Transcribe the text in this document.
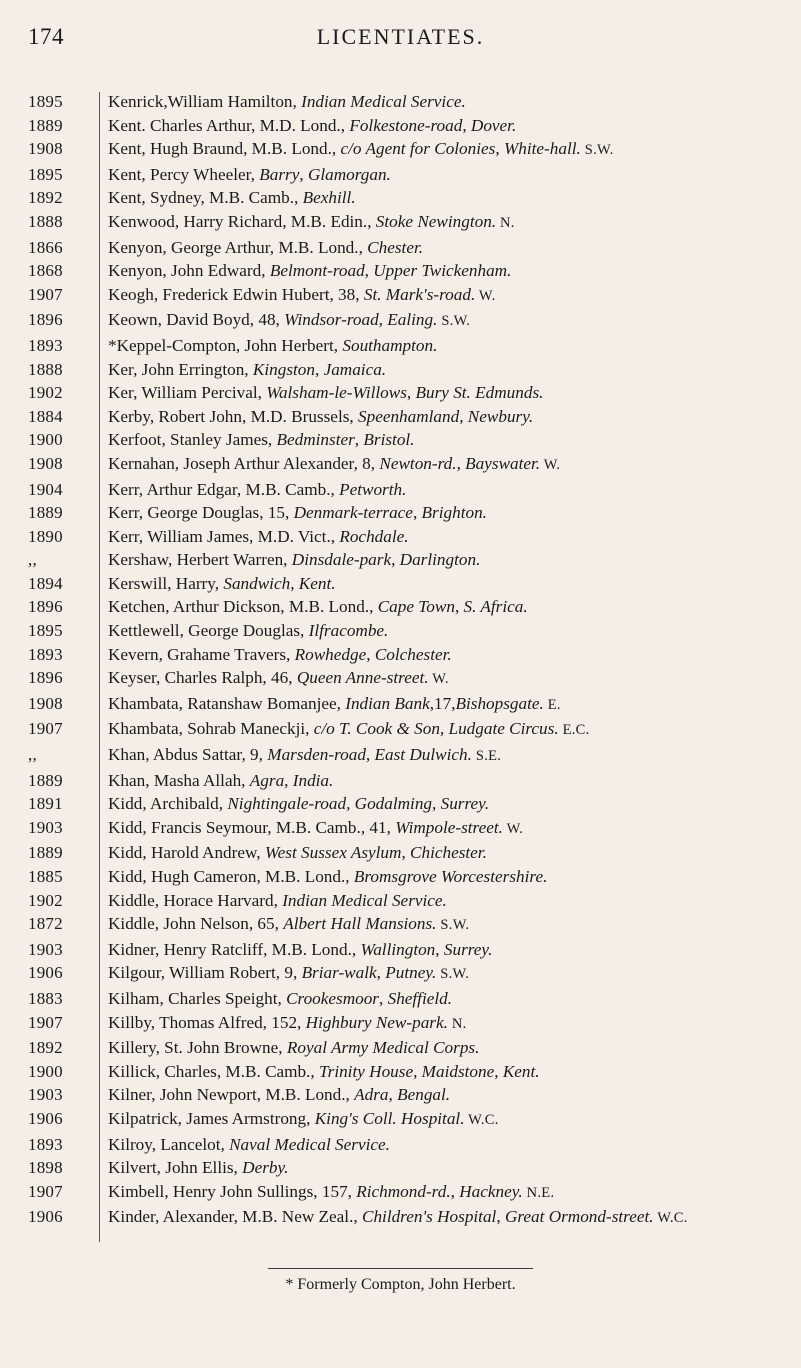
174	LICENTIATES.
1895	Kenrick,William Hamilton, Indian Medical Service.
1889	Kent. Charles Arthur, M.D. Lond., Folkestone-road, Dover.
1908	Kent, Hugh Braund, M.B. Lond., c/o Agent for Colonies, White-hall. S.W.
1895	Kent, Percy Wheeler, Barry, Glamorgan.
1892	Kent, Sydney, M.B. Camb., Bexhill.
1888	Kenwood, Harry Richard, M.B. Edin., Stoke Newington. N.
1866	Kenyon, George Arthur, M.B. Lond., Chester.
1868	Kenyon, John Edward, Belmont-road, Upper Twickenham.
1907	Keogh, Frederick Edwin Hubert, 38, St. Mark's-road. W.
1896	Keown, David Boyd, 48, Windsor-road, Ealing. S.W.
1893	*Keppel-Compton, John Herbert, Southampton.
1888	Ker, John Errington, Kingston, Jamaica.
1902	Ker, William Percival, Walsham-le-Willows, Bury St. Edmunds.
1884	Kerby, Robert John, M.D. Brussels, Speenhamland, Newbury.
1900	Kerfoot, Stanley James, Bedminster, Bristol.
1908	Kernahan, Joseph Arthur Alexander, 8, Newton-rd., Bayswater. W.
1904	Kerr, Arthur Edgar, M.B. Camb., Petworth.
1889	Kerr, George Douglas, 15, Denmark-terrace, Brighton.
1890	Kerr, William James, M.D. Vict., Rochdale.
,,	Kershaw, Herbert Warren, Dinsdale-park, Darlington.
1894	Kerswill, Harry, Sandwich, Kent.
1896	Ketchen, Arthur Dickson, M.B. Lond., Cape Town, S. Africa.
1895	Kettlewell, George Douglas, Ilfracombe.
1893	Kevern, Grahame Travers, Rowhedge, Colchester.
1896	Keyser, Charles Ralph, 46, Queen Anne-street. W.
1908	Khambata, Ratanshaw Bomanjee, Indian Bank,17,Bishopsgate. E.
1907	Khambata, Sohrab Maneckji, c/o T. Cook & Son, Ludgate Circus. E.C.
,,	Khan, Abdus Sattar, 9, Marsden-road, East Dulwich. S.E.
1889	Khan, Masha Allah, Agra, India.
1891	Kidd, Archibald, Nightingale-road, Godalming, Surrey.
1903	Kidd, Francis Seymour, M.B. Camb., 41, Wimpole-street. W.
1889	Kidd, Harold Andrew, West Sussex Asylum, Chichester.
1885	Kidd, Hugh Cameron, M.B. Lond., Bromsgrove Worcestershire.
1902	Kiddle, Horace Harvard, Indian Medical Service.
1872	Kiddle, John Nelson, 65, Albert Hall Mansions. S.W.
1903	Kidner, Henry Ratcliff, M.B. Lond., Wallington, Surrey.
1906	Kilgour, William Robert, 9, Briar-walk, Putney. S.W.
1883	Kilham, Charles Speight, Crookesmoor, Sheffield.
1907	Killby, Thomas Alfred, 152, Highbury New-park. N.
1892	Killery, St. John Browne, Royal Army Medical Corps.
1900	Killick, Charles, M.B. Camb., Trinity House, Maidstone, Kent.
1903	Kilner, John Newport, M.B. Lond., Adra, Bengal.
1906	Kilpatrick, James Armstrong, King's Coll. Hospital. W.C.
1893	Kilroy, Lancelot, Naval Medical Service.
1898	Kilvert, John Ellis, Derby.
1907	Kimbell, Henry John Sullings, 157, Richmond-rd., Hackney. N.E.
1906	Kinder, Alexander, M.B. New Zeal., Children's Hospital, Great Ormond-street. W.C.
* Formerly Compton, John Herbert.
